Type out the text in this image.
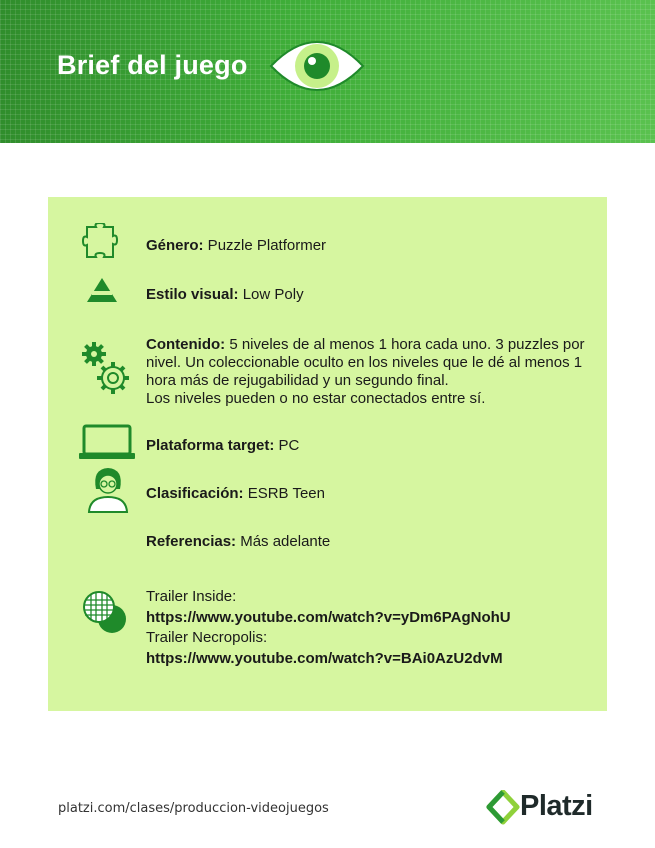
Brief del juego
Género: Puzzle Platformer
Estilo visual: Low Poly
Contenido: 5 niveles de al menos 1 hora cada uno. 3 puzzles por nivel. Un coleccionable oculto en los niveles que le dé al menos 1 hora más de rejugabilidad y un segundo final.
Los niveles pueden o no estar conectados entre sí.
Plataforma target: PC
Clasificación: ESRB Teen
Referencias: Más adelante
Trailer Inside:
https://www.youtube.com/watch?v=yDm6PAgNohU
Trailer Necropolis:
https://www.youtube.com/watch?v=BAi0AzU2dvM
platzi.com/clases/produccion-videojuegos	Platzi
